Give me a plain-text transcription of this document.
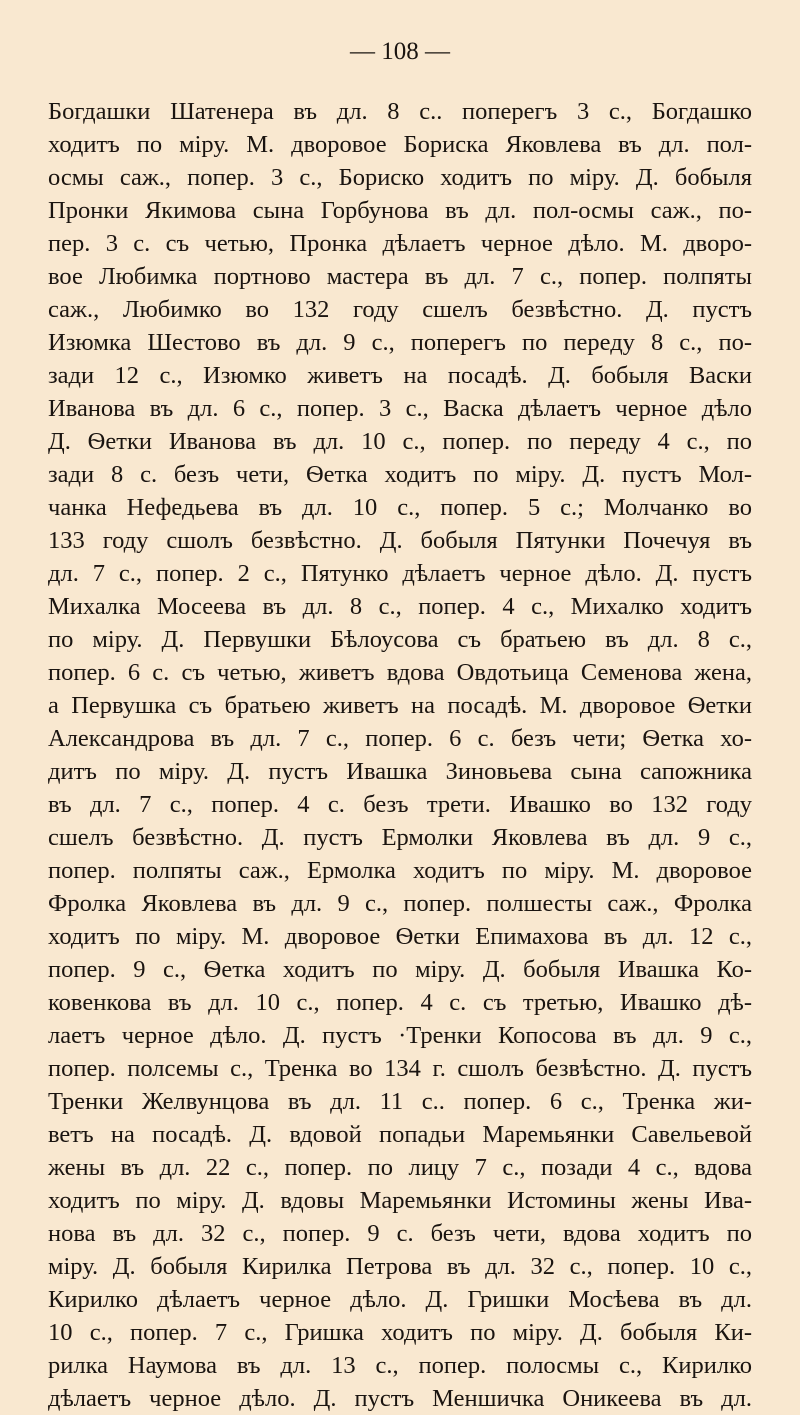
— 108 —
Богдашки Шатенера въ дл. 8 с.. поперегъ 3 с., Богдашко
ходитъ по міру. М. дворовое Бориска Яковлева въ дл. пол-
осмы саж., попер. 3 с., Бориско ходитъ по міру. Д. бобыля
Пронки Якимова сына Горбунова въ дл. пол-осмы саж., по-
пер. 3 с. съ четью, Пронка дѣлаетъ черное дѣло. М. дворо-
вое Любимка портново мастера въ дл. 7 с., попер. полпяты
саж., Любимко во 132 году сшелъ безвѣстно. Д. пустъ
Изюмка Шестово въ дл. 9 с., поперегъ по переду 8 с., по-
зади 12 с., Изюмко живетъ на посадѣ. Д. бобыля Васки
Иванова въ дл. 6 с., попер. 3 с., Васка дѣлаетъ черное дѣло
Д. Ѳетки Иванова въ дл. 10 с., попер. по переду 4 с., по
зади 8 с. безъ чети, Ѳетка ходитъ по міру. Д. пустъ Мол-
чанка Нефедьева въ дл. 10 с., попер. 5 с.; Молчанко во
133 году сшолъ безвѣстно. Д. бобыля Пятунки Почечуя въ
дл. 7 с., попер. 2 с., Пятунко дѣлаетъ черное дѣло. Д. пустъ
Михалка Мосеева въ дл. 8 с., попер. 4 с., Михалко ходитъ
по міру. Д. Первушки Бѣлоусова съ братьею въ дл. 8 с.,
попер. 6 с. съ четью, живетъ вдова Овдотьица Семенова жена,
а Первушка съ братьею живетъ на посадѣ. М. дворовое Ѳетки
Александрова въ дл. 7 с., попер. 6 с. безъ чети; Ѳетка хо-
дитъ по міру. Д. пустъ Ивашка Зиновьева сына сапожника
въ дл. 7 с., попер. 4 с. безъ трети. Ивашко во 132 году
сшелъ безвѣстно. Д. пустъ Ермолки Яковлева въ дл. 9 с.,
попер. полпяты саж., Ермолка ходитъ по міру. М. дворовое
Фролка Яковлева въ дл. 9 с., попер. полшесты саж., Фролка
ходитъ по міру. М. дворовое Ѳетки Епимахова въ дл. 12 с.,
попер. 9 с., Ѳетка ходитъ по міру. Д. бобыля Ивашка Ко-
ковенкова въ дл. 10 с., попер. 4 с. съ третью, Ивашко дѣ-
лаетъ черное дѣло. Д. пустъ ·Тренки Копосова въ дл. 9 с.,
попер. полсемы с., Тренка во 134 г. сшолъ безвѣстно. Д. пустъ
Тренки Желвунцова въ дл. 11 с.. попер. 6 с., Тренка жи-
ветъ на посадѣ. Д. вдовой попадьи Маремьянки Савельевой
жены въ дл. 22 с., попер. по лицу 7 с., позади 4 с., вдова
ходитъ по міру. Д. вдовы Маремьянки Истомины жены Ива-
нова въ дл. 32 с., попер. 9 с. безъ чети, вдова ходитъ по
міру. Д. бобыля Кирилка Петрова въ дл. 32 с., попер. 10 с.,
Кирилко дѣлаетъ черное дѣло. Д. Гришки Мосѣева въ дл.
10 с., попер. 7 с., Гришка ходитъ по міру. Д. бобыля Ки-
рилка Наумова въ дл. 13 с., попер. полосмы с., Кирилко
дѣлаетъ черное дѣло. Д. пустъ Меншичка Оникеева въ дл.
